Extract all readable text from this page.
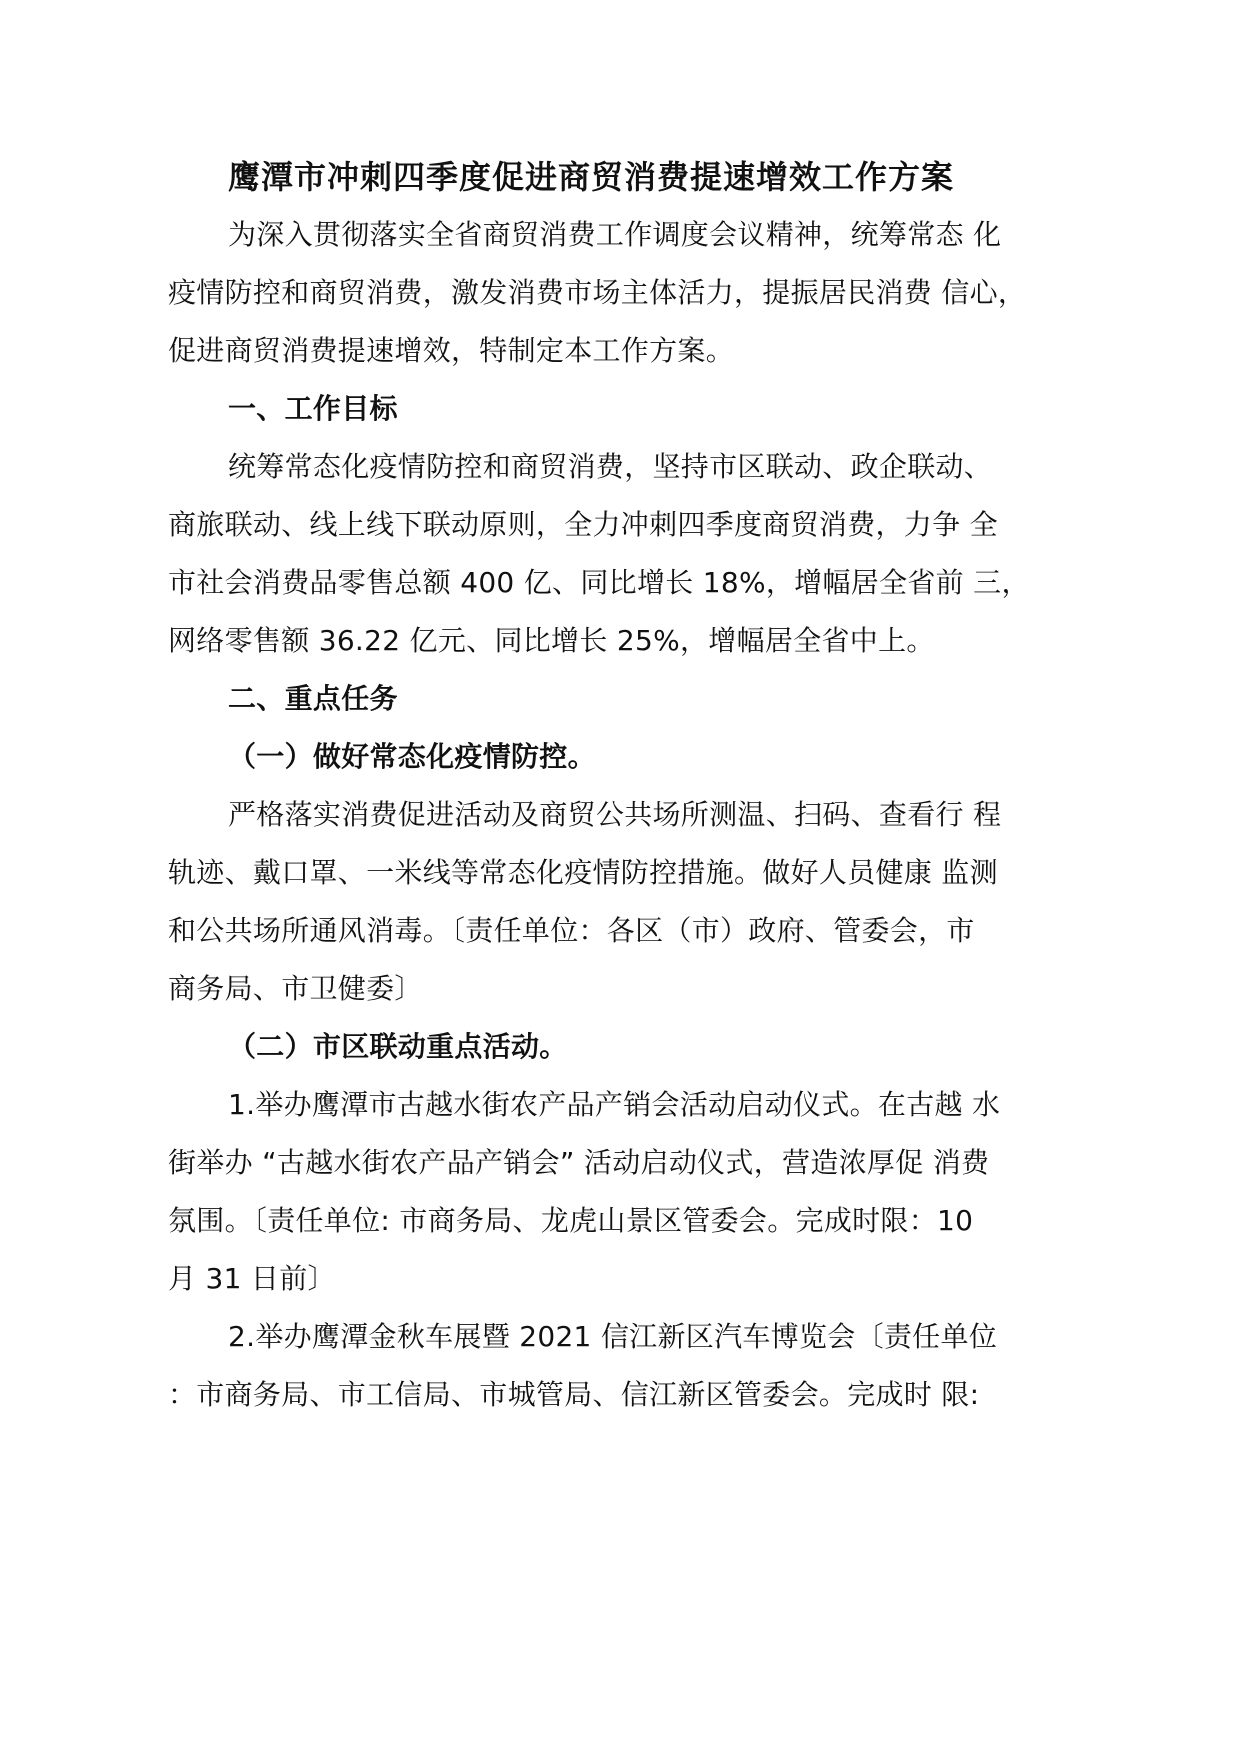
鹰潭市冲刺四季度促进商贸消费提速增效工作方案
为深入贯彻落实全省商贸消费工作调度会议精神，统筹常态 化
疫情防控和商贸消费，激发消费市场主体活力，提振居民消费 信心，
促进商贸消费提速增效，特制定本工作方案。
一、工作目标
统筹常态化疫情防控和商贸消费，坚持市区联动、政企联动、
商旅联动、线上线下联动原则，全力冲刺四季度商贸消费，力争 全
市社会消费品零售总额 400 亿、同比增长 18%，增幅居全省前 三，
网络零售额 36.22 亿元、同比增长 25%，增幅居全省中上。
二、重点任务
（一）做好常态化疫情防控。
严格落实消费促进活动及商贸公共场所测温、扫码、查看行 程
轨迹、戴口罩、一米线等常态化疫情防控措施。做好人员健康 监测
和公共场所通风消毒。〔责任单位：各区（市）政府、管委会，市
商务局、市卫健委〕
（二）市区联动重点活动。
1.举办鹰潭市古越水街农产品产销会活动启动仪式。在古越 水
街举办 “古越水街农产品产销会” 活动启动仪式，营造浓厚促 消费
氛围。〔责任单位: 市商务局、龙虎山景区管委会。完成时限：10
月 31 日前〕
2.举办鹰潭金秋车展暨 2021 信江新区汽车博览会〔责任单位
：市商务局、市工信局、市城管局、信江新区管委会。完成时 限:
